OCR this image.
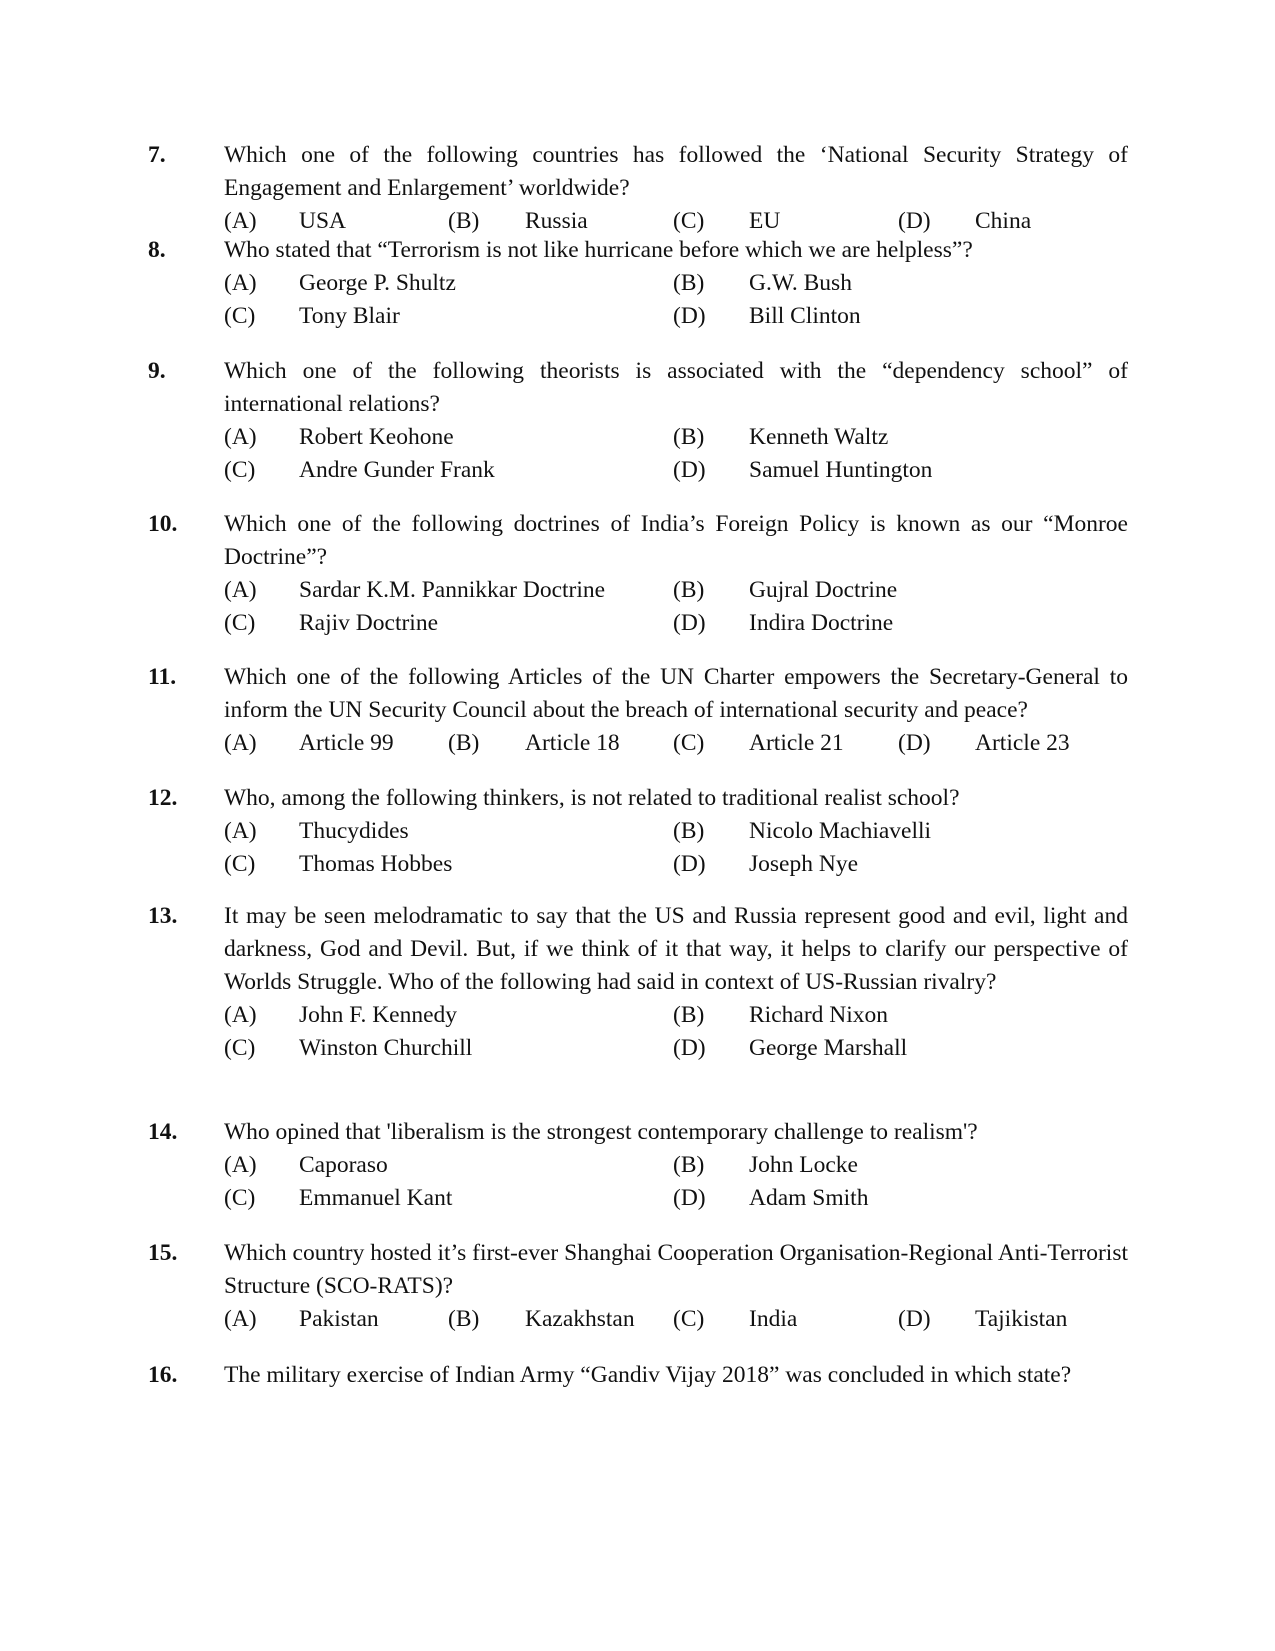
7. Which one of the following countries has followed the ‘National Security Strategy of Engagement and Enlargement’ worldwide?
(A) USA	(B) Russia	(C) EU	(D) China
8. Who stated that “Terrorism is not like hurricane before which we are helpless”?
(A) George P. Shultz	(B) G.W. Bush
(C) Tony Blair	(D) Bill Clinton
9. Which one of the following theorists is associated with the “dependency school” of international relations?
(A) Robert Keohone	(B) Kenneth Waltz
(C) Andre Gunder Frank	(D) Samuel Huntington
10. Which one of the following doctrines of India’s Foreign Policy is known as our “Monroe Doctrine”?
(A) Sardar K.M. Pannikkar Doctrine	(B) Gujral Doctrine
(C) Rajiv Doctrine	(D) Indira Doctrine
11. Which one of the following Articles of the UN Charter empowers the Secretary-General to inform the UN Security Council about the breach of international security and peace?
(A) Article 99 (B) Article 18 (C) Article 21 (D) Article 23
12. Who, among the following thinkers, is not related to traditional realist school?
(A) Thucydides	(B) Nicolo Machiavelli
(C) Thomas Hobbes	(D) Joseph Nye
13. It may be seen melodramatic to say that the US and Russia represent good and evil, light and darkness, God and Devil. But, if we think of it that way, it helps to clarify our perspective of Worlds Struggle. Who of the following had said in context of US-Russian rivalry?
(A) John F. Kennedy	(B) Richard Nixon
(C) Winston Churchill	(D) George Marshall
14. Who opined that 'liberalism is the strongest contemporary challenge to realism'?
(A) Caporaso	(B) John Locke
(C) Emmanuel Kant	(D) Adam Smith
15. Which country hosted it’s first-ever Shanghai Cooperation Organisation-Regional Anti-Terrorist Structure (SCO-RATS)?
(A) Pakistan	(B) Kazakhstan (C) India	(D) Tajikistan
16. The military exercise of Indian Army “Gandiv Vijay 2018” was concluded in which state?
